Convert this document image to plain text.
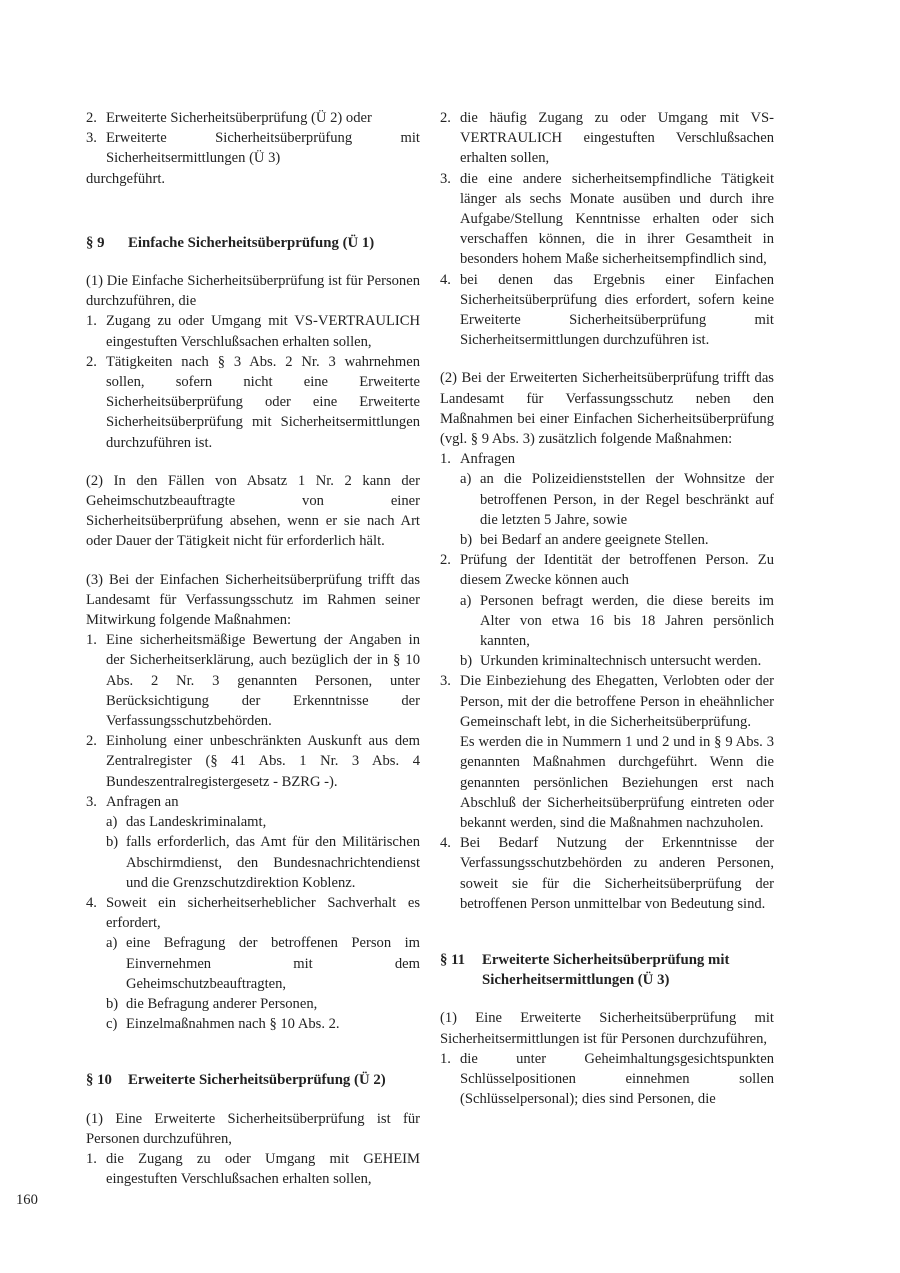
2. Erweiterte Sicherheitsüberprüfung (Ü 2) oder
3. Erweiterte Sicherheitsüberprüfung mit Sicherheitsermittlungen (Ü 3)

durchgeführt.

§ 9	Einfache Sicherheitsüberprüfung (Ü 1)

(1) Die Einfache Sicherheitsüberprüfung ist für Personen durchzuführen, die

1. Zugang zu oder Umgang mit VS-VERTRAULICH eingestuften Verschlußsachen erhalten sollen,
2. Tätigkeiten nach § 3 Abs. 2 Nr. 3 wahrnehmen sollen, sofern nicht eine Erweiterte Sicherheitsüberprüfung oder eine Erweiterte Sicherheitsüberprüfung mit Sicherheitsermittlungen durchzuführen ist.

(2) In den Fällen von Absatz 1 Nr. 2 kann der Geheimschutzbeauftragte von einer Sicherheitsüberprüfung absehen, wenn er sie nach Art oder Dauer der Tätigkeit nicht für erforderlich hält.

(3) Bei der Einfachen Sicherheitsüberprüfung trifft das Landesamt für Verfassungsschutz im Rahmen seiner Mitwirkung folgende Maßnahmen:

1. Eine sicherheitsmäßige Bewertung der Angaben in der Sicherheitserklärung, auch bezüglich der in § 10 Abs. 2 Nr. 3 genannten Personen, unter Berücksichtigung der Erkenntnisse der Verfassungsschutzbehörden.
2. Einholung einer unbeschränkten Auskunft aus dem Zentralregister (§ 41 Abs. 1 Nr. 3 Abs. 4 Bundeszentralregistergesetz - BZRG -).
3. Anfragen an
a) das Landeskriminalamt,
b) falls erforderlich, das Amt für den Militärischen Abschirmdienst, den Bundesnachrichtendienst und die Grenzschutzdirektion Koblenz.
4. Soweit ein sicherheitserheblicher Sachverhalt es erfordert,
a) eine Befragung der betroffenen Person im Einvernehmen mit dem Geheimschutzbeauftragten,
b) die Befragung anderer Personen,
c) Einzelmaßnahmen nach § 10 Abs. 2.
§ 10	Erweiterte Sicherheitsüberprüfung (Ü 2)

(1) Eine Erweiterte Sicherheitsüberprüfung ist für Personen durchzuführen,

1. die Zugang zu oder Umgang mit GEHEIM eingestuften Verschlußsachen erhalten sollen,
2. die häufig Zugang zu oder Umgang mit VS-VERTRAULICH eingestuften Verschlußsachen erhalten sollen,
3. die eine andere sicherheitsempfindliche Tätigkeit länger als sechs Monate ausüben und durch ihre Aufgabe/Stellung Kenntnisse erhalten oder sich verschaffen können, die in ihrer Gesamtheit in besonders hohem Maße sicherheitsempfindlich sind,
4. bei denen das Ergebnis einer Einfachen Sicherheitsüberprüfung dies erfordert, sofern keine Erweiterte Sicherheitsüberprüfung mit Sicherheitsermittlungen durchzuführen ist.

(2) Bei der Erweiterten Sicherheitsüberprüfung trifft das Landesamt für Verfassungsschutz neben den Maßnahmen bei einer Einfachen Sicherheitsüberprüfung (vgl. § 9 Abs. 3) zusätzlich folgende Maßnahmen:

1. Anfragen
a) an die Polizeidienststellen der Wohnsitze der betroffenen Person, in der Regel beschränkt auf die letzten 5 Jahre, sowie
b) bei Bedarf an andere geeignete Stellen.
2. Prüfung der Identität der betroffenen Person. Zu diesem Zwecke können auch
a) Personen befragt werden, die diese bereits im Alter von etwa 16 bis 18 Jahren persönlich kannten,
b) Urkunden kriminaltechnisch untersucht werden.
3. Die Einbeziehung des Ehegatten, Verlobten oder der Person, mit der die betroffene Person in eheähnlicher Gemeinschaft lebt, in die Sicherheitsüberprüfung.

Es werden die in Nummern 1 und 2 und in § 9 Abs. 3 genannten Maßnahmen durchgeführt. Wenn die genannten persönlichen Beziehungen erst nach Abschluß der Sicherheitsüberprüfung eintreten oder bekannt werden, sind die Maßnahmen nachzuholen.

4. Bei Bedarf Nutzung der Erkenntnisse der Verfassungsschutzbehörden zu anderen Personen, soweit sie für die Sicherheitsüberprüfung der betroffenen Person unmittelbar von Bedeutung sind.
§ 11	Erweiterte Sicherheitsüberprüfung mit Sicherheitsermittlungen (Ü 3)

(1) Eine Erweiterte Sicherheitsüberprüfung mit Sicherheitsermittlungen ist für Personen durchzuführen,

1. die unter Geheimhaltungsgesichtspunkten Schlüsselpositionen einnehmen sollen (Schlüsselpersonal); dies sind Personen, die
160
